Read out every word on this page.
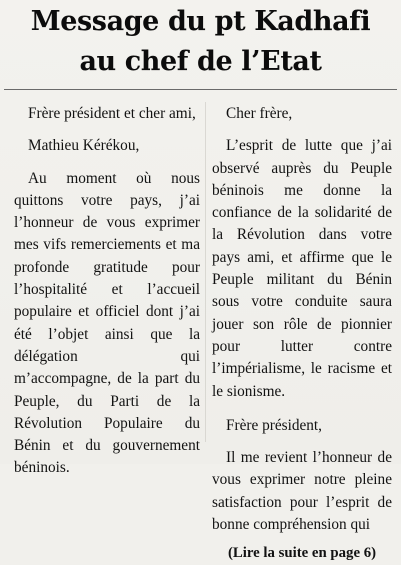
Message du pt Kadhafi
au chef de l’Etat

Frère président et cher ami,

Mathieu Kérékou,

Au moment où nous quittons votre pays, j’ai l’honneur de vous exprimer mes vifs remerciements et ma profonde gratitude pour l’hospitalité et l’accueil populaire et officiel dont j’ai été l’objet ainsi que la délégation qui m’accompagne, de la part du Peuple, du Parti de la Révolution Populaire du Bénin et du gouvernement béninois.

Cher frère,

L’esprit de lutte que j’ai observé auprès du Peuple béninois me donne la confiance de la solidarité de la Révolution dans votre pays ami, et affirme que le Peuple militant du Bénin sous votre conduite saura jouer son rôle de pionnier pour lutter contre l’impérialisme, le racisme et le sionisme.

Frère président,

Il me revient l’honneur de vous exprimer notre pleine satisfaction pour l’esprit de bonne compréhension qui

(Lire la suite en page 6)
